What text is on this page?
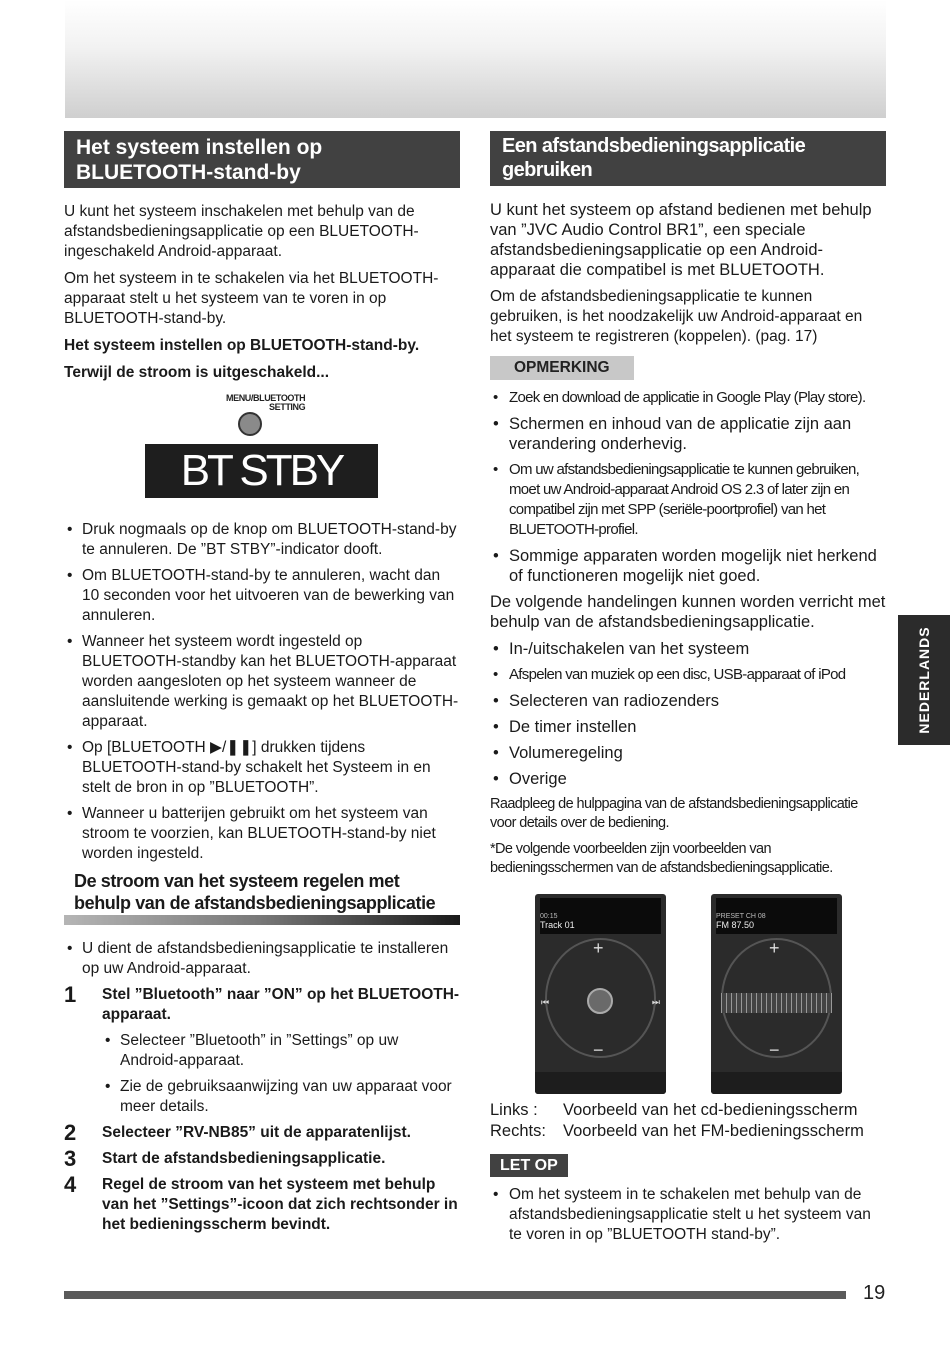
Het systeem instellen op BLUETOOTH-stand-by

U kunt het systeem inschakelen met behulp van de afstandsbedieningsapplicatie op een BLUETOOTH-ingeschakeld Android-apparaat.

Om het systeem in te schakelen via het BLUETOOTH-apparaat stelt u het systeem van te voren in op BLUETOOTH-stand-by.

Het systeem instellen op BLUETOOTH-stand-by.

Terwijl de stroom is uitgeschakeld...

MENU/BLUETOOTH
SETTING
BT STBY
• Druk nogmaals op de knop om BLUETOOTH-stand-by te annuleren. De ”BT STBY”-indicator dooft.
• Om BLUETOOTH-stand-by te annuleren, wacht dan 10 seconden voor het uitvoeren van de bewerking van annuleren.
• Wanneer het systeem wordt ingesteld op BLUETOOTH-standby kan het BLUETOOTH-apparaat worden aangesloten op het systeem wanneer de aansluitende werking is gemaakt op het BLUETOOTH-apparaat.
• Op [BLUETOOTH ▶/❚❚] drukken tijdens BLUETOOTH-stand-by schakelt het Systeem in en stelt de bron in op ”BLUETOOTH”.
• Wanneer u batterijen gebruikt om het systeem van stroom te voorzien, kan BLUETOOTH-stand-by niet worden ingesteld.
De stroom van het systeem regelen met behulp van de afstandsbedieningsapplicatie
• U dient de afstandsbedieningsapplicatie te installeren op uw Android-apparaat.
1 Stel ”Bluetooth” naar ”ON” op het BLUETOOTH-apparaat.
• Selecteer ”Bluetooth” in ”Settings” op uw Android-apparaat.
• Zie de gebruiksaanwijzing van uw apparaat voor meer details.
2 Selecteer ”RV-NB85” uit de apparatenlijst.
3 Start de afstandsbedieningsapplicatie.
4 Regel de stroom van het systeem met behulp van het ”Settings”-icoon dat zich rechtsonder in het bedieningsscherm bevindt.
Een afstandsbedieningsapplicatie gebruiken

U kunt het systeem op afstand bedienen met behulp van ”JVC Audio Control BR1”, een speciale afstandsbedieningsapplicatie op een Android-apparaat die compatibel is met BLUETOOTH.

Om de afstandsbedieningsapplicatie te kunnen gebruiken, is het noodzakelijk uw Android-apparaat en het systeem te registreren (koppelen). (pag. 17)

OPMERKING
• Zoek en download de applicatie in Google Play (Play store).
• Schermen en inhoud van de applicatie zijn aan verandering onderhevig.
• Om uw afstandsbedieningsapplicatie te kunnen gebruiken, moet uw Android-apparaat Android OS 2.3 of later zijn en compatibel zijn met SPP (seriële-poortprofiel) van het BLUETOOTH-profiel.
• Sommige apparaten worden mogelijk niet herkend of functioneren mogelijk niet goed.

De volgende handelingen kunnen worden verricht met behulp van de afstandsbedieningsapplicatie.

• In-/uitschakelen van het systeem
• Afspelen van muziek op een disc, USB-apparaat of iPod
• Selecteren van radiozenders
• De timer instellen
• Volumeregeling
• Overige

Raadpleeg de hulppagina van de afstandsbedieningsapplicatie voor details over de bediening.

*De volgende voorbeelden zijn voorbeelden van bedieningsschermen van de afstandsbedieningsapplicatie.

00:15
Track 01
+
−
⏮	⏭
PRESET CH 08
FM 87.50
+
−
Links :	Voorbeeld van het cd-bedieningsscherm
Rechts:	Voorbeeld van het FM-bedieningsscherm
LET OP
• Om het systeem in te schakelen met behulp van de afstandsbedieningsapplicatie stelt u het systeem van te voren in op ”BLUETOOTH stand-by”.
NEDERLANDS
19
